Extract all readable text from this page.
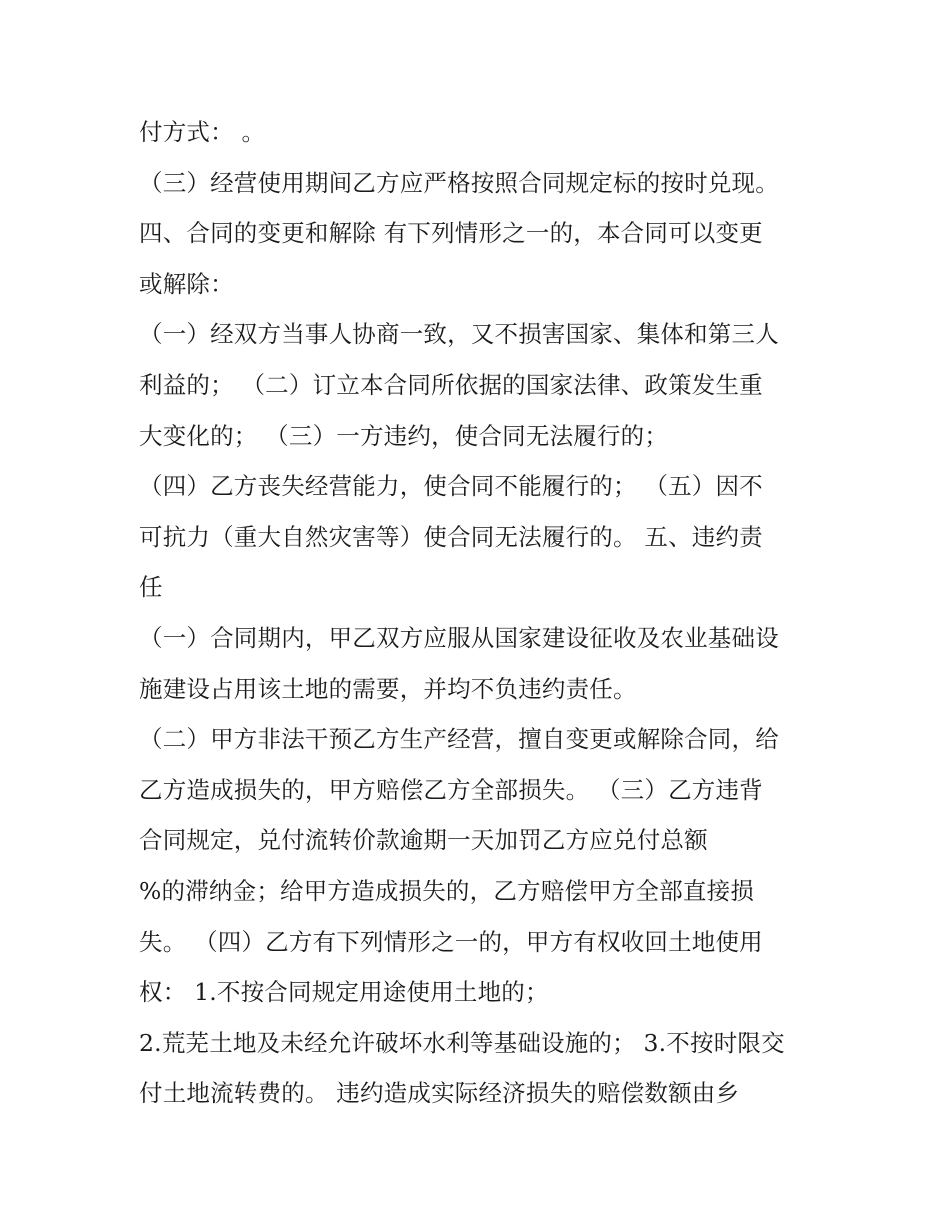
付方式： 。
（三）经营使用期间乙方应严格按照合同规定标的按时兑现。
四、合同的变更和解除 有下列情形之一的，本合同可以变更
或解除：
（一）经双方当事人协商一致，又不损害国家、集体和第三人
利益的； （二）订立本合同所依据的国家法律、政策发生重
大变化的； （三）一方违约，使合同无法履行的；
（四）乙方丧失经营能力，使合同不能履行的； （五）因不
可抗力（重大自然灾害等）使合同无法履行的。 五、违约责
任
（一）合同期内，甲乙双方应服从国家建设征收及农业基础设
施建设占用该土地的需要，并均不负违约责任。
（二）甲方非法干预乙方生产经营，擅自变更或解除合同，给
乙方造成损失的，甲方赔偿乙方全部损失。 （三）乙方违背
合同规定，兑付流转价款逾期一天加罚乙方应兑付总额
%的滞纳金；给甲方造成损失的，乙方赔偿甲方全部直接损
失。 （四）乙方有下列情形之一的，甲方有权收回土地使用
权： 1.不按合同规定用途使用土地的；
2.荒芜土地及未经允许破坏水利等基础设施的； 3.不按时限交
付土地流转费的。 违约造成实际经济损失的赔偿数额由乡
